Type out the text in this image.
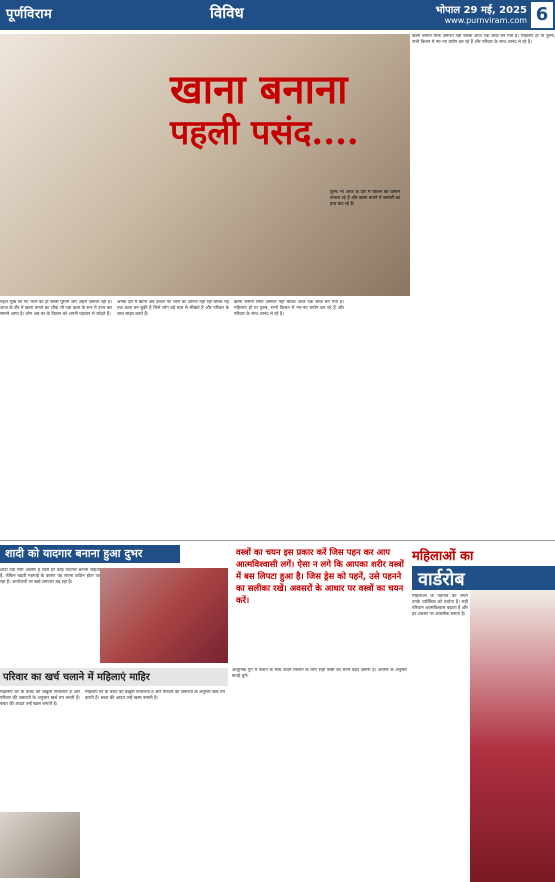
पूर्णविराम	विविध	भोपाल 29 मई, 2025
www.purnviram.com 6
खाना बनाना
पहली पसंद....
पहले भूख का पेट भरने की हो सबसे पुरानी और अहम ज़रूरत रही है। आज के दौर में खाना बनाने का शौक भी एक कला के रूप में उभर कर सामने आया है। लोग अब घर के किचन को अपनी पहचान से जोड़ते हैं।
अनके दौर में खाना अब केवल पेट भरने का ज़रिया नहीं रहा बल्कि यह एक कला बन चुकी है जिसे लोग बड़े चाव से सीखते हैं और परिवार के साथ साझा करते हैं।
खाना बनाना सिर्फ़ ज़रूरत नहीं बल्कि आज एक शौक बन गया है। महिलाएं हों या पुरुष, सभी किचन में नए-नए प्रयोग कर रहे हैं और परिवार के साथ आनंद ले रहे हैं।
पुरुष भी आज के दौर में किचन की कमान संभाल रहे हैं और खाना बनाने में बराबरी का हाथ बंटा रहे हैं।
खाना बनाना सिर्फ़ ज़रूरत नहीं बल्कि आज एक शौक बन गया है। महिलाएं हों या पुरुष, सभी किचन में नए-नए प्रयोग कर रहे हैं और परिवार के साथ आनंद ले रहे हैं।
शादी को यादगार बनाना हुआ दुभर
शादी एक ऐसा अवसर है जिसे हर कोई यादगार बनाना चाहता है, लेकिन बढ़ती महंगाई के कारण यह सपना कठिन होता जा रहा है। आयोजनों पर खर्च लगातार बढ़ रहा है।
परिवार का खर्च चलाने में महिलाएं माहिर
महिलाएं घर के बजट को बखूबी संभालती हैं और परिवार की ज़रूरतों के अनुसार खर्च तय करती हैं। बचत की आदत उन्हें खास बनाती है।
महिलाएं घर के बजट को बखूबी संभालती हैं और परिवार की ज़रूरतों के अनुसार खर्च तय करती हैं। बचत की आदत उन्हें खास बनाती है।
वस्त्रों का चयन इस प्रकार करें जिस पहन कर आप आत्मविश्वासी लगें। ऐसा न लगे कि आपका शरीर वस्त्रों में बस लिपटा हुआ है। जिस ड्रेस को पहनें, उसे पहनने का सलीका रखें। अवसरों के आधार पर वस्त्रों का चयन करें।
आधुनिक युग में फैशन के साथ कदम मिलाने के लिए सही वस्त्रों का चयन बेहद ज़रूरी है। अवसर के अनुसार कपड़े चुनें।
महिलाओं का
वार्डरोब
महिलाओं के पहनावे का चयन उनके व्यक्तित्व को दर्शाता है। सही परिधान आत्मविश्वास बढ़ाता है और हर अवसर पर आकर्षक बनाता है।
